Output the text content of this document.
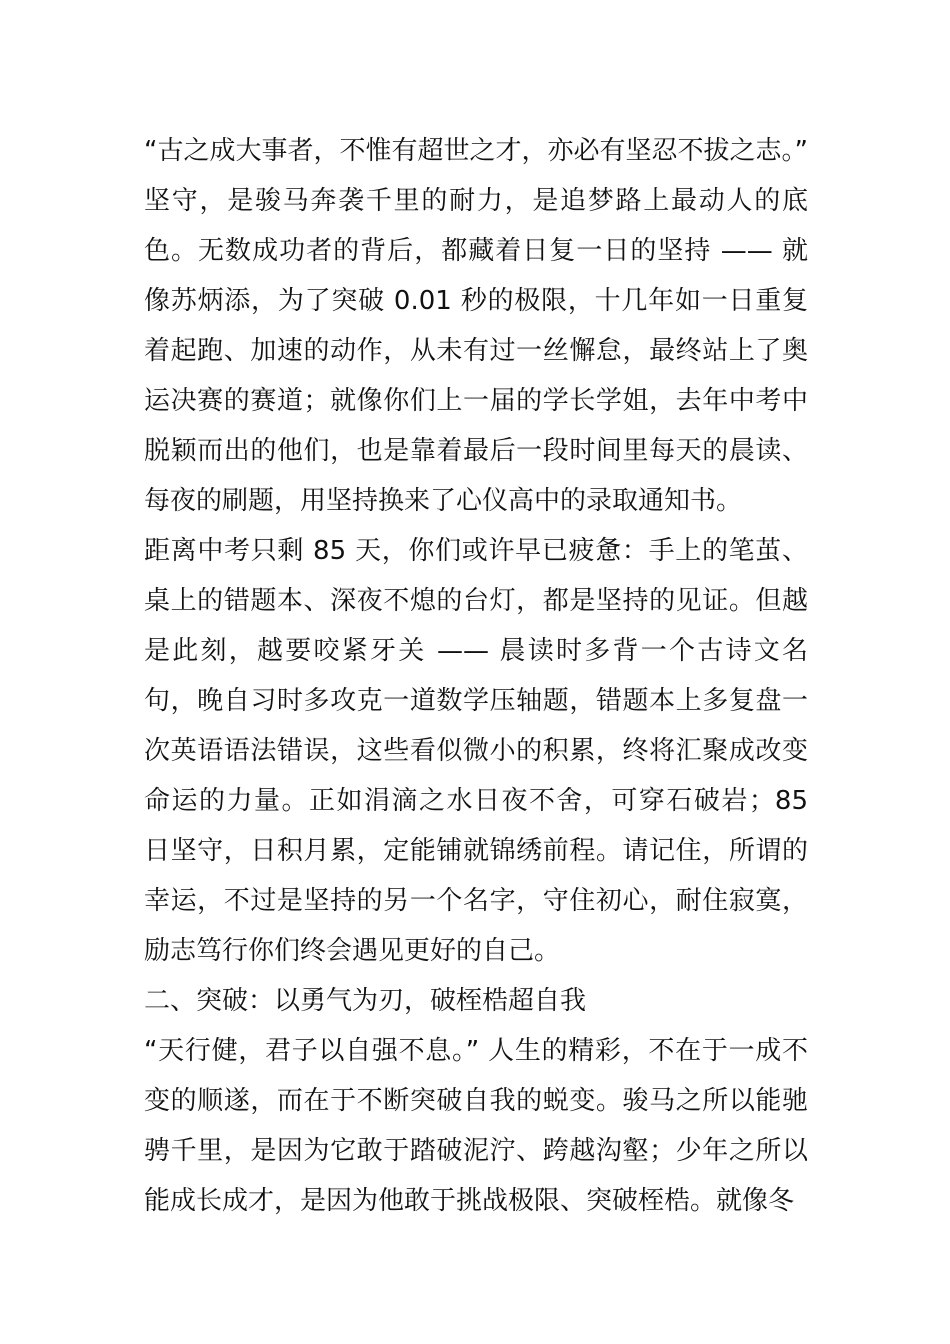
“古之成大事者，不惟有超世之才，亦必有坚忍不拔之志。” 坚守，是骏马奔袭千里的耐力，是追梦路上最动人的底色。无数成功者的背后，都藏着日复一日的坚持 —— 就像苏炳添，为了突破 0.01 秒的极限，十几年如一日重复着起跑、加速的动作，从未有过一丝懈怠，最终站上了奥运决赛的赛道；就像你们上一届的学长学姐，去年中考中脱颖而出的他们，也是靠着最后一段时间里每天的晨读、每夜的刷题，用坚持换来了心仪高中的录取通知书。

距离中考只剩 85 天，你们或许早已疲惫：手上的笔茧、桌上的错题本、深夜不熄的台灯，都是坚持的见证。但越是此刻，越要咬紧牙关 —— 晨读时多背一个古诗文名句，晚自习时多攻克一道数学压轴题，错题本上多复盘一次英语语法错误，这些看似微小的积累，终将汇聚成改变命运的力量。正如涓滴之水日夜不舍，可穿石破岩；85 日坚守，日积月累，定能铺就锦绣前程。请记住，所谓的幸运，不过是坚持的另一个名字，守住初心，耐住寂寞，励志笃行你们终会遇见更好的自己。

二、突破：以勇气为刃，破桎梏超自我

“天行健，君子以自强不息。” 人生的精彩，不在于一成不变的顺遂，而在于不断突破自我的蜕变。骏马之所以能驰骋千里，是因为它敢于踏破泥泞、跨越沟壑；少年之所以能成长成才，是因为他敢于挑战极限、突破桎梏。就像冬
